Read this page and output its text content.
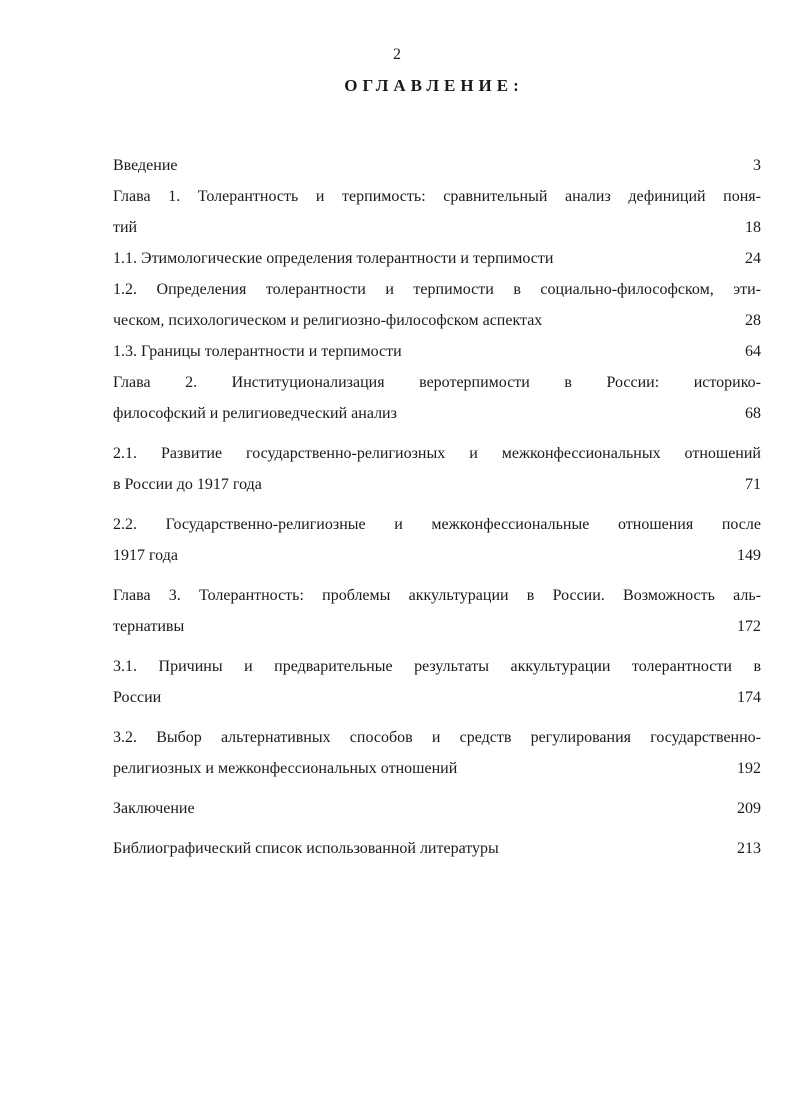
2
ОГЛАВЛЕНИЕ:
Введение	3
Глава 1. Толерантность и терпимость: сравнительный анализ дефиниций поня-
тий	18
1.1. Этимологические определения толерантности и терпимости	24
1.2. Определения толерантности и терпимости в социально-философском, эти-
ческом, психологическом и религиозно-философском аспектах	28
1.3. Границы толерантности и терпимости	64
Глава 2. Институционализация веротерпимости в России: историко-
философский и религиоведческий анализ	68
2.1. Развитие государственно-религиозных и межконфессиональных отношений
в России до 1917 года	71
2.2. Государственно-религиозные и межконфессиональные отношения после
1917 года	149
Глава 3. Толерантность: проблемы аккультурации в России. Возможность аль-
тернативы	172
3.1. Причины и предварительные результаты аккультурации толерантности в
России	174
3.2. Выбор альтернативных способов и средств регулирования государственно-
религиозных и межконфессиональных отношений	192
Заключение	209
Библиографический список использованной литературы	213
